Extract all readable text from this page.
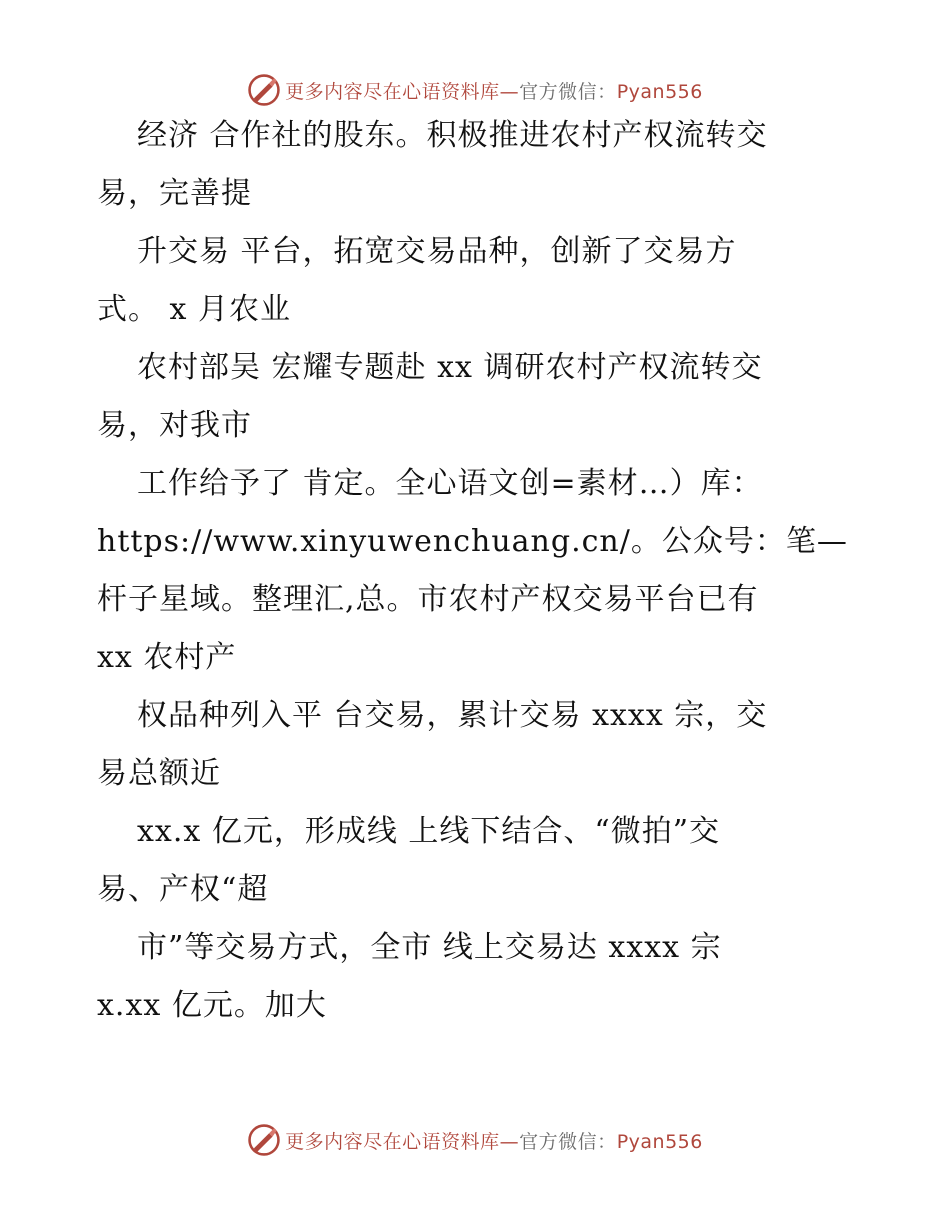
更多内容尽在心语资料库—官方微信：Pyan556
经济 合作社的股东。积极推进农村产权流转交
易，完善提
升交易 平台，拓宽交易品种，创新了交易方
式。 x 月农业
农村部吴 宏耀专题赴 xx 调研农村产权流转交
易，对我市
工作给予了 肯定。全心语文创=素材…）库：
https://www.xinyuwenchuang.cn/。公众号：笔—
杆子星域。整理汇,总。市农村产权交易平台已有
xx 农村产
权品种列入平 台交易，累计交易 xxxx 宗，交
易总额近
xx.x 亿元，形成线 上线下结合、“微拍”交
易、产权“超
市”等交易方式，全市 线上交易达 xxxx 宗
x.xx 亿元。加大
更多内容尽在心语资料库—官方微信：Pyan556
